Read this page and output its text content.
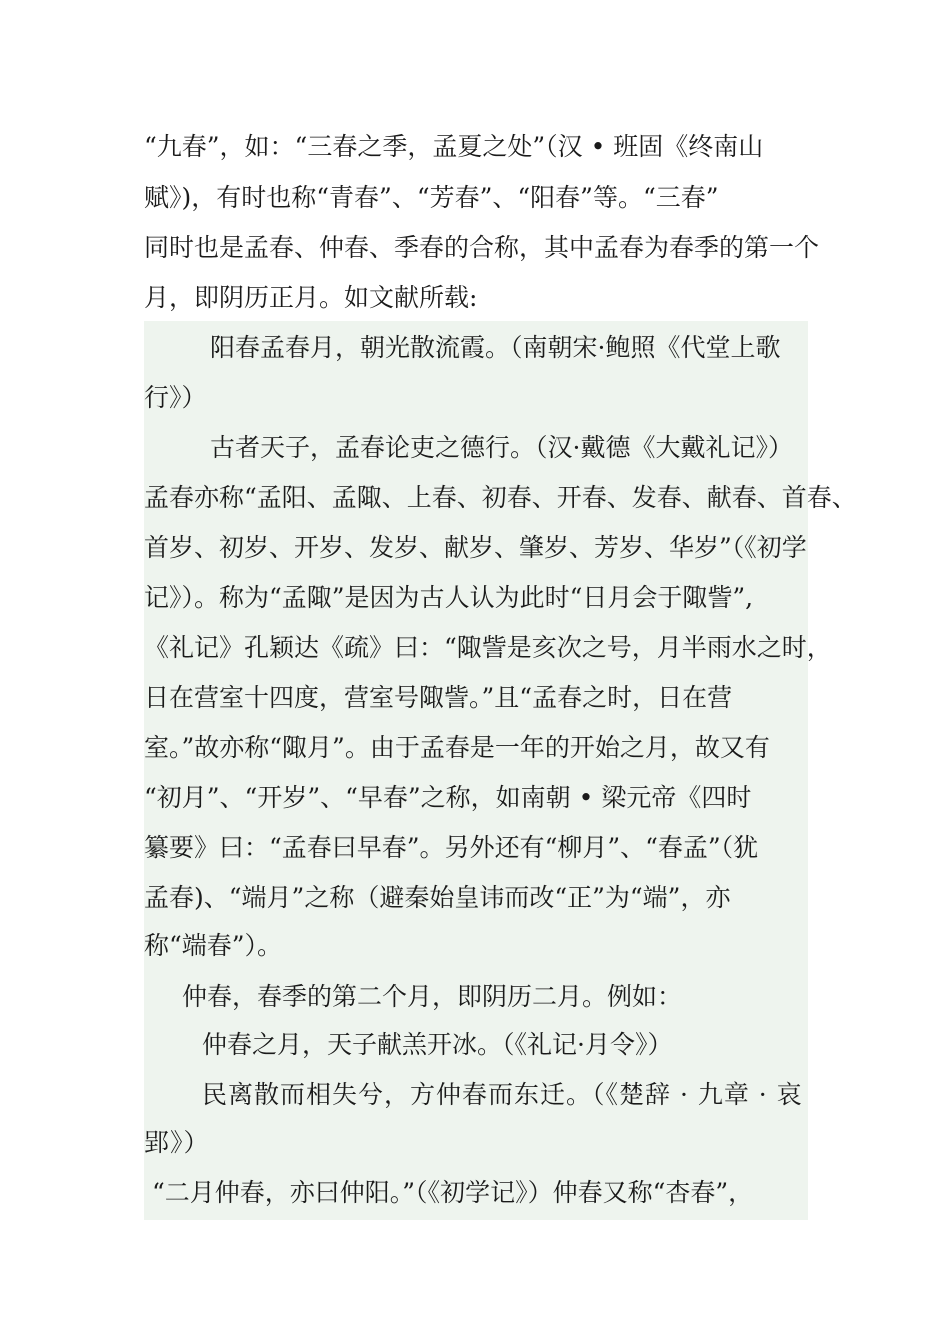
“九春”，如：“三春之季，孟夏之处”（汉 • 班固《终南山
赋》)，有时也称“青春”、“芳春”、“阳春”等。“三春”
同时也是孟春、仲春、季春的合称，其中孟春为春季的第一个
月，即阴历正月。如文献所载:
阳春孟春月，朝光散流霞。（南朝宋·鲍照《代堂上歌
行》）
古者天子，孟春论吏之德行。（汉·戴德《大戴礼记》）
孟春亦称“孟阳、孟陬、上春、初春、开春、发春、献春、首春、
首岁、初岁、开岁、发岁、献岁、肇岁、芳岁、华岁”（《初学
记》）。称为“孟陬”是因为古人认为此时“日月会于陬訾”,
《礼记》孔颖达《疏》曰：“陬訾是亥次之号，月半雨水之时，
日在营室十四度，营室号陬訾。”且“孟春之时，日在营
室。”故亦称“陬月”。由于孟春是一年的开始之月，故又有
“初月”、“开岁”、“早春”之称，如南朝 • 梁元帝《四时
纂要》曰：“孟春曰早春”。另外还有“柳月”、“春孟”（犹
孟春)、“端月”之称（避秦始皇讳而改“正”为“端”，亦
称“端春”）。
仲春，春季的第二个月，即阴历二月。例如：
仲春之月，天子献羔开冰。（《礼记·月令》）
民离散而相失兮，方仲春而东迁。（《楚辞 · 九章 · 哀
郢》）
“二月仲春，亦曰仲阳。”（《初学记》）仲春又称“杏春”，
